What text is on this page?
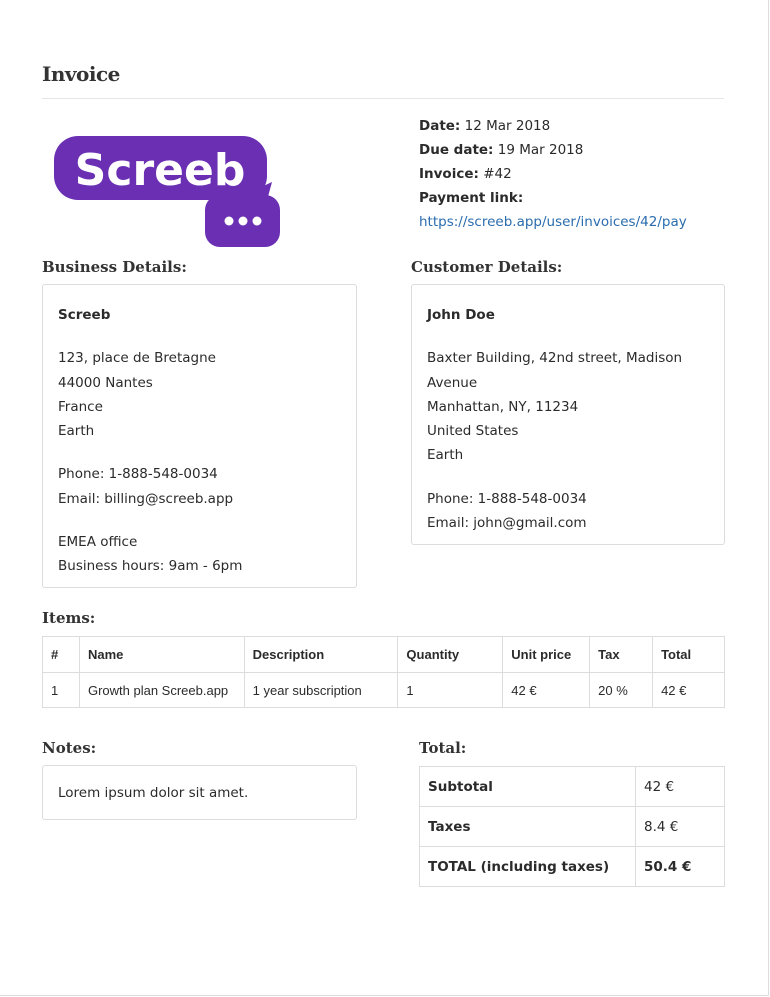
Invoice
Screeb
Date: 12 Mar 2018
Due date: 19 Mar 2018
Invoice: #42
Payment link:
https://screeb.app/user/invoices/42/pay
Business Details:
Screeb
123, place de Bretagne
44000 Nantes
France
Earth
Phone: 1-888-548-0034
Email: billing@screeb.app
EMEA office
Business hours: 9am - 6pm
Customer Details:
John Doe
Baxter Building, 42nd street, Madison
Avenue
Manhattan, NY, 11234
United States
Earth
Phone: 1-888-548-0034
Email: john@gmail.com
Items:
#	Name	Description	Quantity	Unit price	Tax	Total
1	Growth plan Screeb.app	1 year subscription	1	42 €	20 %	42 €
Notes:
Lorem ipsum dolor sit amet.
Total:
Subtotal	42 €
Taxes	8.4 €
TOTAL (including taxes)	50.4 €
